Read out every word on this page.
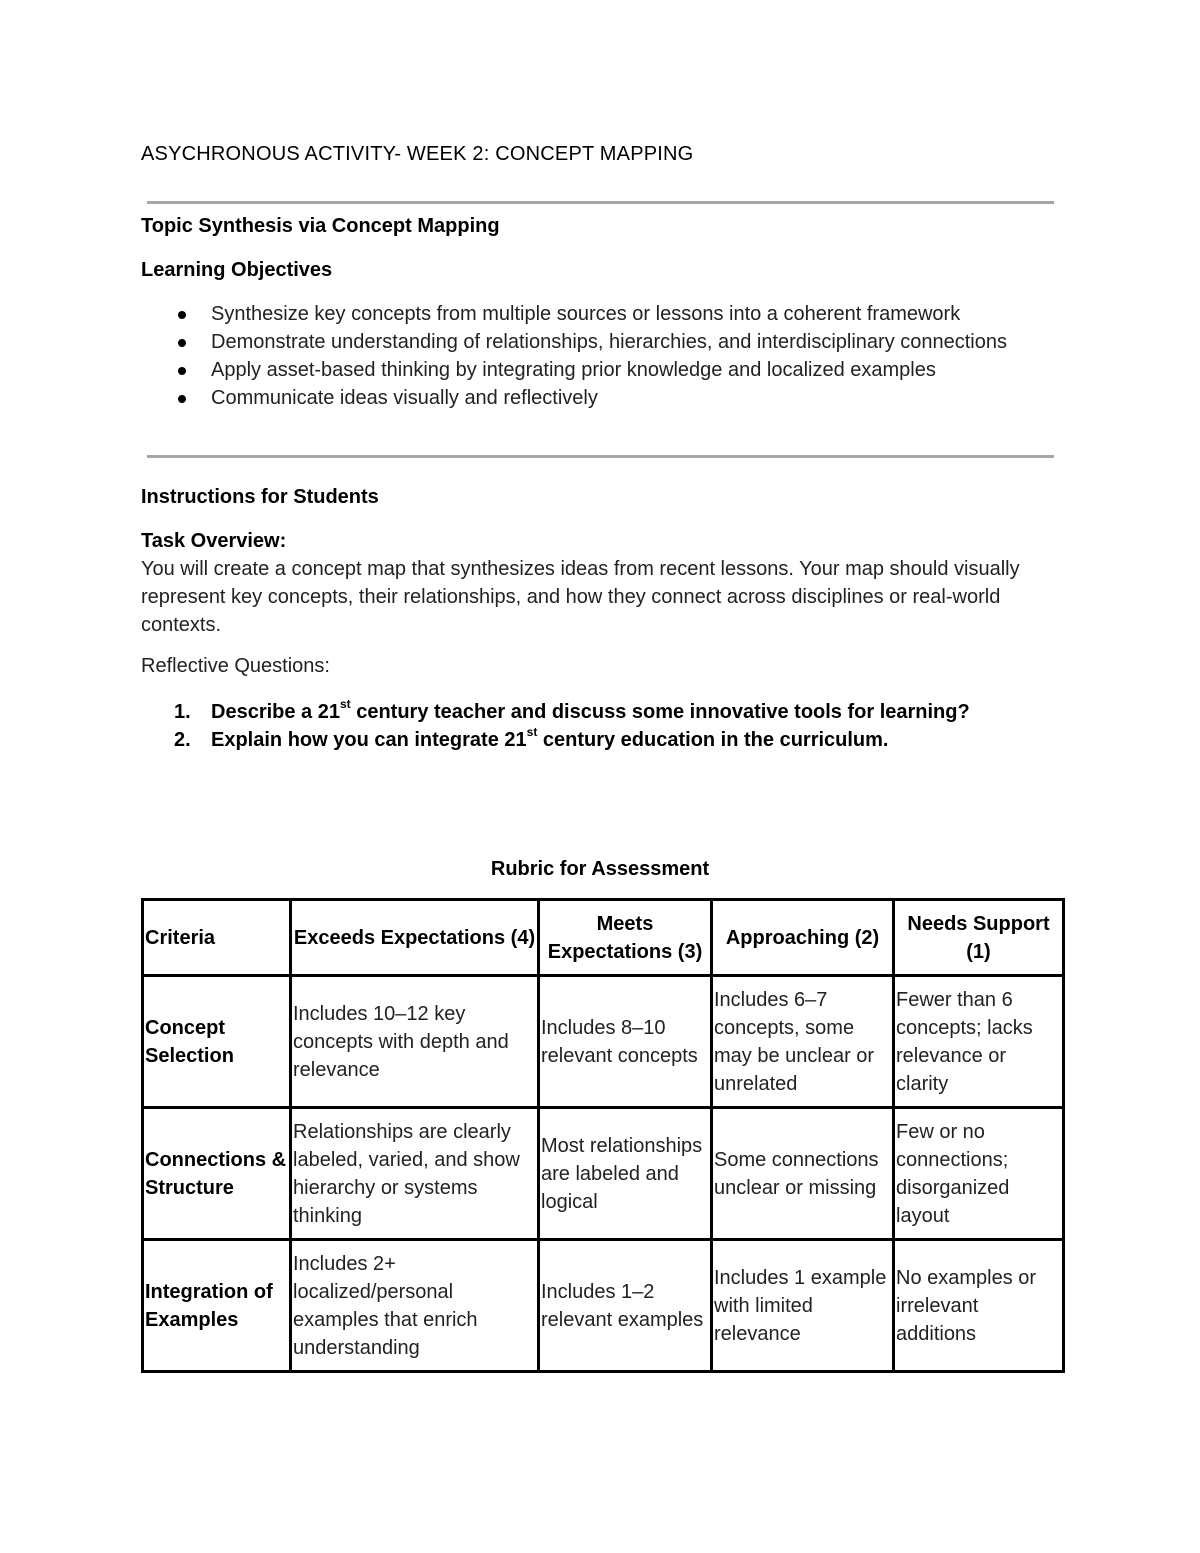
ASYCHRONOUS ACTIVITY- WEEK 2: CONCEPT MAPPING

Topic Synthesis via Concept Mapping

Learning Objectives

Synthesize key concepts from multiple sources or lessons into a coherent framework
Demonstrate understanding of relationships, hierarchies, and interdisciplinary connections
Apply asset-based thinking by integrating prior knowledge and localized examples
Communicate ideas visually and reflectively

Instructions for Students

Task Overview:

You will create a concept map that synthesizes ideas from recent lessons. Your map should visually represent key concepts, their relationships, and how they connect across disciplines or real-world contexts.

Reflective Questions:

1. Describe a 21st century teacher and discuss some innovative tools for learning?
2. Explain how you can integrate 21st century education in the curriculum.

Rubric for Assessment

Criteria	Exceeds Expectations (4)	Meets Expectations (3)	Approaching (2)	Needs Support (1)
Concept Selection	Includes 10–12 key concepts with depth and relevance	Includes 8–10 relevant concepts	Includes 6–7 concepts, some may be unclear or unrelated	Fewer than 6 concepts; lacks relevance or clarity
Connections & Structure	Relationships are clearly labeled, varied, and show hierarchy or systems thinking	Most relationships are labeled and logical	Some connections unclear or missing	Few or no connections; disorganized layout
Integration of Examples	Includes 2+ localized/personal examples that enrich understanding	Includes 1–2 relevant examples	Includes 1 example with limited relevance	No examples or irrelevant additions
